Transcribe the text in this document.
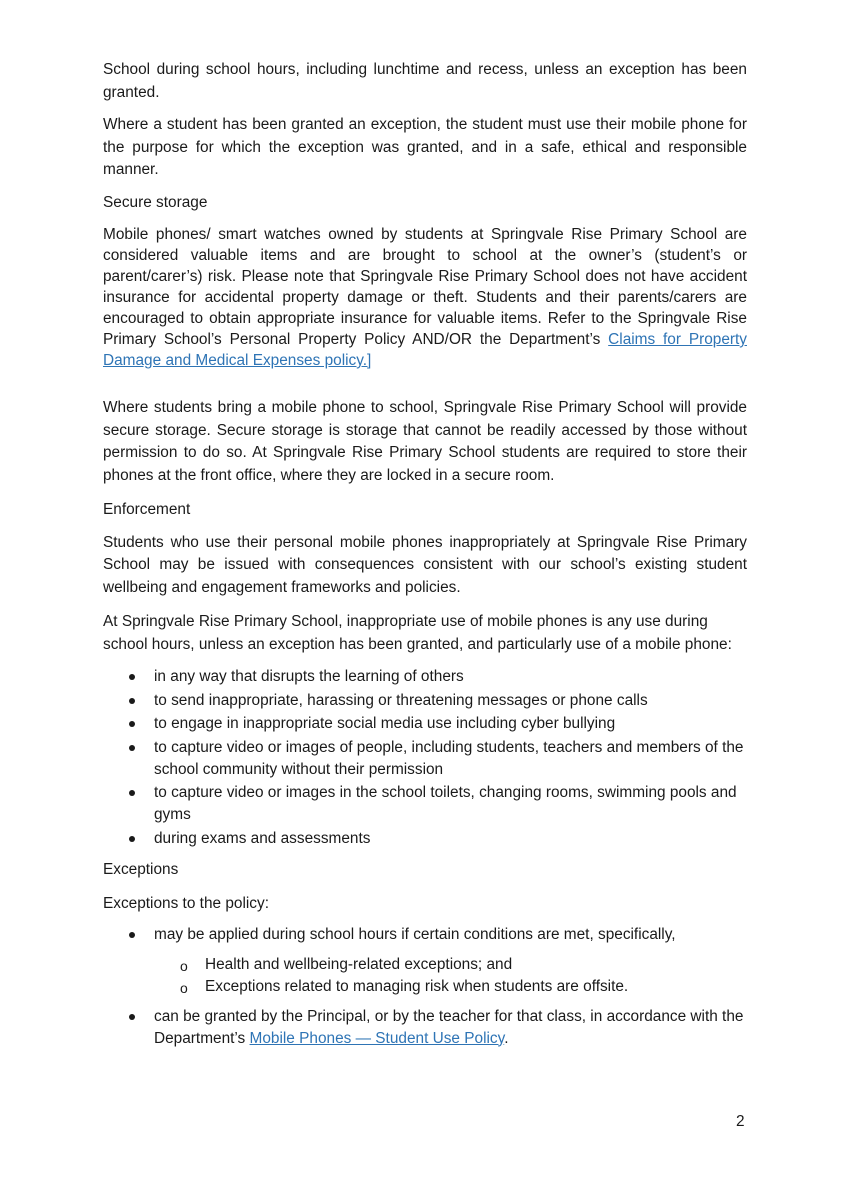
School during school hours, including lunchtime and recess, unless an exception has been granted.

Where a student has been granted an exception, the student must use their mobile phone for the purpose for which the exception was granted, and in a safe, ethical and responsible manner.

Secure storage

Mobile phones/ smart watches owned by students at Springvale Rise Primary School are considered valuable items and are brought to school at the owner’s (student’s or parent/carer’s) risk. Please note that Springvale Rise Primary School does not have accident insurance for accidental property damage or theft. Students and their parents/carers are encouraged to obtain appropriate insurance for valuable items. Refer to the Springvale Rise Primary School’s Personal Property Policy AND/OR the Department’s Claims for Property Damage and Medical Expenses policy.]

Where students bring a mobile phone to school, Springvale Rise Primary School will provide secure storage. Secure storage is storage that cannot be readily accessed by those without permission to do so. At Springvale Rise Primary School students are required to store their phones at the front office, where they are locked in a secure room.

Enforcement

Students who use their personal mobile phones inappropriately at Springvale Rise Primary School may be issued with consequences consistent with our school’s existing student wellbeing and engagement frameworks and policies.

At Springvale Rise Primary School, inappropriate use of mobile phones is any use during school hours, unless an exception has been granted, and particularly use of a mobile phone:

in any way that disrupts the learning of others
to send inappropriate, harassing or threatening messages or phone calls
to engage in inappropriate social media use including cyber bullying
to capture video or images of people, including students, teachers and members of the school community without their permission
to capture video or images in the school toilets, changing rooms, swimming pools and gyms
during exams and assessments

Exceptions

Exceptions to the policy:

may be applied during school hours if certain conditions are met, specifically,
o Health and wellbeing-related exceptions; and
o Exceptions related to managing risk when students are offsite.
can be granted by the Principal, or by the teacher for that class, in accordance with the Department’s Mobile Phones — Student Use Policy.
2
